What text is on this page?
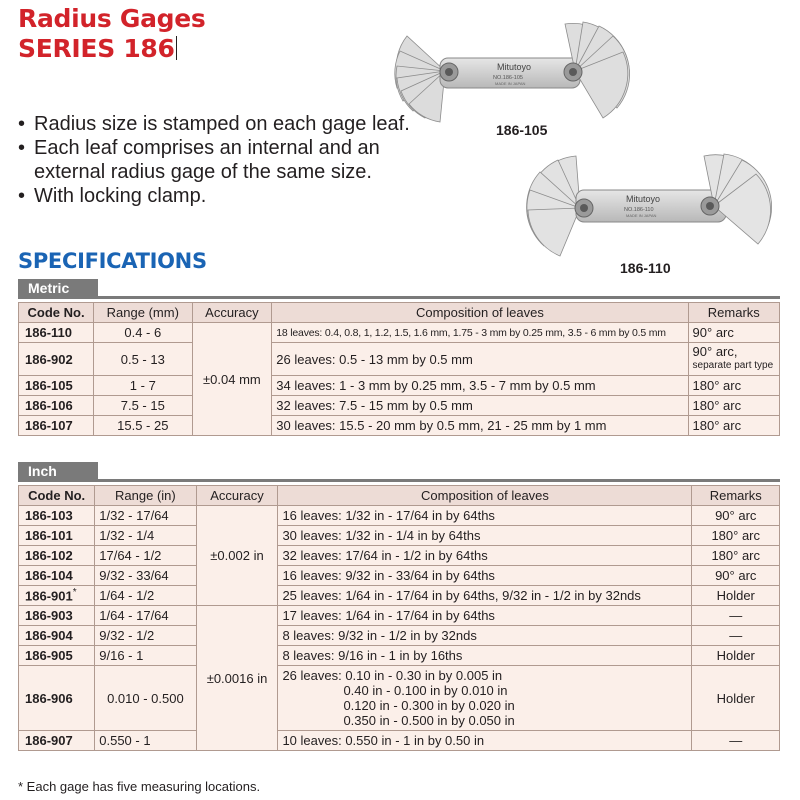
Radius Gages
SERIES 186
• Radius size is stamped on each gage leaf.
• Each leaf comprises an internal and an
external radius gage of the same size.
• With locking clamp.
Mitutoyo
NO.186-105
MADE IN JAPAN
186-105
Mitutoyo
NO.186-110
MADE IN JAPAN
186-110
SPECIFICATIONS
Metric
Code No.	Range (mm)	Accuracy	Composition of leaves	Remarks
186-110	0.4 - 6	±0.04 mm	18 leaves: 0.4, 0.8, 1, 1.2, 1.5, 1.6 mm, 1.75 - 3 mm by 0.25 mm, 3.5 - 6 mm by 0.5 mm	90° arc
186-902	0.5 - 13		26 leaves: 0.5 - 13 mm by 0.5 mm	90° arc,
separate part type

186-105	1 - 7		34 leaves: 1 - 3 mm by 0.25 mm, 3.5 - 7 mm by 0.5 mm	180° arc
186-106	7.5 - 15		32 leaves: 7.5 - 15 mm by 0.5 mm	180° arc
186-107	15.5 - 25		30 leaves: 15.5 - 20 mm by 0.5 mm, 21 - 25 mm by 1 mm	180° arc
Inch
Code No.	Range (in)	Accuracy	Composition of leaves	Remarks
186-103	1/32 - 17/64	±0.002 in	16 leaves: 1/32 in - 17/64 in by 64ths	90° arc
186-101	1/32 - 1/4		30 leaves: 1/32 in - 1/4 in by 64ths	180° arc
186-102	17/64 - 1/2		32 leaves: 17/64 in - 1/2 in by 64ths	180° arc
186-104	9/32 - 33/64		16 leaves: 9/32 in - 33/64 in by 64ths	90° arc
186-901*	1/64 - 1/2		25 leaves: 1/64 in - 17/64 in by 64ths, 9/32 in - 1/2 in by 32nds	Holder
186-903	1/64 - 17/64	±0.0016 in	17 leaves: 1/64 in - 17/64 in by 64ths	—
186-904	9/32 - 1/2		8 leaves: 9/32 in - 1/2 in by 32nds	—
186-905	9/16 - 1		8 leaves: 9/16 in - 1 in by 16ths	Holder
186-906	0.010 - 0.500		26 leaves: 0.10 in - 0.30 in by 0.005 in
0.40 in - 0.100 in by 0.010 in
0.120 in - 0.300 in by 0.020 in
0.350 in - 0.500 in by 0.050 in	Holder
186-907	0.550 - 1		10 leaves: 0.550 in - 1 in by 0.50 in	—
* Each gage has five measuring locations.
